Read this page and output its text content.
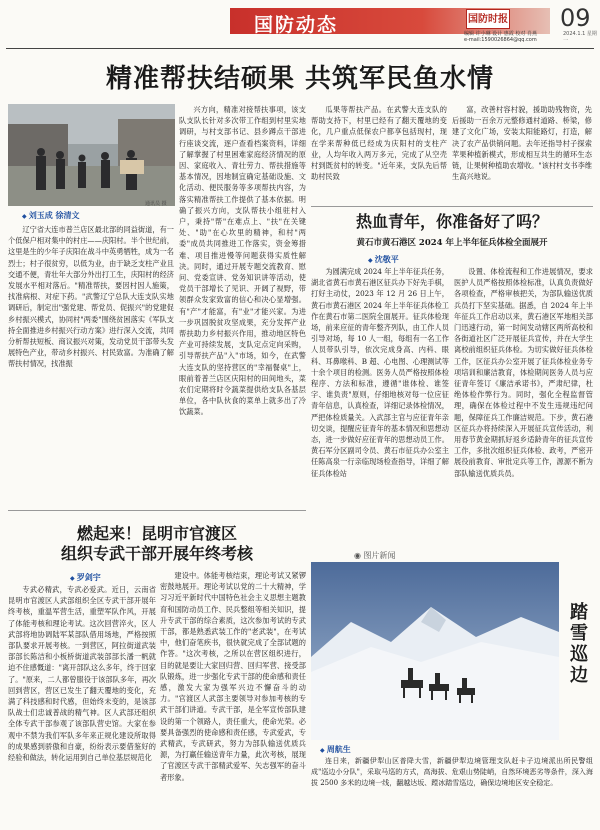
国防动态	国防时报 09
2024.1.1 星期一
编辑 许小琳 设计 惠霞 校对 肖燕
e-mail:1590026864@qq.com
精准帮扶结硕果 共筑军民鱼水情
通讯员 摄
◆ 刘玉成 徐清文

辽宁省大连市普兰店区最北部的同益街道，有一个低保户相对集中的村庄——庆阳村。半个世纪前，这里是生的少年子庆阳在战斗中英勇牺牲，成为一名烈士；村子很贫穷，以低为业，由于缺乏支柱产业且交通不便，青壮年大部分外出打工生，庆阳村的经济发展水平相对落后。"精准帮扶，要因村因人施策，找准病根、对症下药。"武警辽宁总队大连支队实地调研后，制定出"强党建、帮党员、促振兴"的党建促乡村振兴模式，协同村"两委"围绕贫困落实《军队支持全面推进乡村振兴行动方案》进行深入交流，共同分析帮扶短板、商议振兴对策，发动党员干部带头发展特色产业，带动乡村振兴、村民致富。为准确了解帮扶村情况，找准振

兴方向，精准对接帮扶事项，该支队支队长针对多次带工作组到村里实地调研，与村支部书记、县乡蹲点干部进行座谈交流，逐户查看档案资料，详细了解掌握了村里困难家庭经济情况的原因、家庭收入、青壮劳力、帮扶措施等基本情况，因地制宜确定基础设施、文化活动、便民服务等多项帮扶内容，为落实精准帮扶工作提供了基本依据。明确了振兴方向，支队帮扶小组驻村入户，秉持"帮"在难点上、"扶"在关键处、"助"在心坎里的精神，和村"两委"成员共同推进工作落实，资金筹措难、项目推进慢等问题获得实质性解决。同时，通过开展专题交流教育、慰问、党委宣讲、党务知识讲等活动，使党员干部增长了见识、开阔了视野，带领群众发家致富的信心和决心显增强。有"产"才能富，有"业"才能兴家。为进一步巩固脱贫攻坚成果，充分发挥产业帮扶助力乡村振兴作用，推动地区特色产业可持续发展，支队定点定向采购，引导帮扶产品"入"市场，如今，在武警大连支队的坚持营区的"幸福餐桌"上，眼前着普兰店区庆阳村的田间地头，菜农们定期将时令蔬菜提供给支队各基层单位，各中队伙食的菜单上就多出了冷饮蔬菜。

瓜果等帮扶产品。在武警大连支队的帮助支持下，村里已经有了翻天覆地的变化，几户重点低保农户都享包括现村，现在学来帮种低已经成为庆阳村的支柱产业，人均年收入两万多元，完成了从空壳村到既贫村的转变。"近年来，支队先后帮助村民致

富，改善村容村貌，援助助残物资，先后援助一百余万元整修通村道路、桥梁，修建了文化广场，安装太阳能路灯，打造，解决了农产品供销问题。去年还指导村子探索苹果种植新模式，形成相互共生的循环生态链，让果树种植助农增收。"该村村支书李维生高兴地说。

热血青年，你准备好了吗？
黄石市黄石港区 2024 年上半年征兵体检全面展开
◆ 沈敬平

为圆满完成 2024 年上半年征兵任务，湖北省黄石市黄石港区征兵办下好先手棋，打好主动仗，2023 年 12 月 26 日上午，黄石市黄石港区 2024 年上半年征兵体检工作在黄石市第二医院全面展开。征兵体检现场，前来应征的青年整齐列队，由工作人员引导对场，每 10 人一组，每组有一名工作人员带队引导，依次完成身高、内科、眼科、耳鼻喉科、B 超、心电图、心理测试等十余个项目的检测。医务人员严格按照体检程序、方法和标准，遵循"谁体检、谁签字、谁负责"原则，仔细地核对每一位应征青年信息，认真检查，详细记录体检情况，严把体检质量关。入武部主官与应征青年亲切交谈，提醒应征青年的基本情况和思想动态，进一步做好应征青年的思想动员工作。黄石军分区副司令员、黄石市征兵办公室主任陈高泉一行亲临现场检查指导，详细了解征兵体检站

设置、体检流程和工作进展情况，要求医护人员严格按照体检标准，认真负责做好各项检查，严格审核把关，为部队输送优质兵员打下坚实基础。据悉，自 2024 年上半年征兵工作启动以来，黄石港区军地相关部门迅速行动，第一时间发动辖区两所高校和各街道社区广泛开展征兵宣传，并在大学生离校前组织征兵体检。为切实做好征兵体检工作，区征兵办公室开展了征兵体检业务专项培训和廉洁教育，体检期间医务人员与应征青年签订《廉洁承诺书》，严肃纪律，杜绝体检作弊行为。同时，强化全程监督管理，确保在体检过程中不发生违规违纪问题，保障征兵工作廉洁规范。下步，黄石港区征兵办将持续深入开展征兵宣传活动，利用春节黄金期抓好返乡适龄青年的征兵宣传工作，多批次组织征兵体检、政考，严密开展役前教育、审批定兵等工作，源源不断为部队输送优质兵员。

燃起来！昆明市官渡区
组织专武干部开展年终考核
◆ 罗剑宇

专武必精武，专武必爱武。近日，云南省昆明市官渡区人武部组织全区专武干部开展年终考核，重温军营生活，重塑军队作风，开展了体能考核和理论考试。这次回营淬火，区人武部将地协调陆军某部队借用场地，严格按照部队要求开展考核。一到营区，阿拉街道武装部部长陈洁和小板桥街道武装部部长潘一帆就迫不住感慨道："离开部队这么多年，终于回家了。"原来，二人都曾服役于该部队多年，再次回到营区，营区已发生了翻天覆地的变化，充满了科技感和时代感，但始终未变的，是该部队战士们忠诚普战的精气神。区人武部还组织全体专武干部参观了该部队营史馆。大家在参观中不禁为我们军队多年来正规化建设所取得的成果感到骄傲和自豪，纷纷表示要借鉴好的经验和做法，转化运用到自己单位基层规范化

建设中。体能考核结束，理论考试又紧锣密鼓地展开。理论考试以党的二十大精神，学习习近平新时代中国特色社会主义思想主题教育和国防动员工作、民兵整组等相关知识，提升专武干部的综合素质，这次参加考试的专武干部，都是熟悉武装工作的"老武装"，在考试中，他们奋笔疾书，很快就完成了全部试题的作答。"这次考核，之所以在营区组织进行，目的就是要让大家回归营、回归军营、接受部队锻炼，进一步强化专武干部的使命感和责任感，激发大家为强军兴边不懈奋斗的动力。"官渡区人武部主要领导对参加考核的专武干部们讲道。专武干部，是全军宣传部队建设的第一个领路人，责任重大，使命光荣。必要具备强烈的使命感和责任感，专武爱武，专武精武，专武研武，努力为部队输送优质兵源，为打赢任输送青年力量，此次考核，展现了官渡区专武干部精武爱军、矢志强军的奋斗者形象。

◉ 图片新闻
踏雪巡边
◆ 周航生

连日来，新疆伊犁山区普降大雪，新疆伊犁边境管理支队赶卡子边境派出所民警组成"巡边小分队"，采取马巡的方式，高海拔、危艰山势陡峭，自然环境恶劣等条件，深入海拔 2500 多米的边境一线，翻越达坂、蹚冰踏雪巡边，确保边境地区安全稳定。
